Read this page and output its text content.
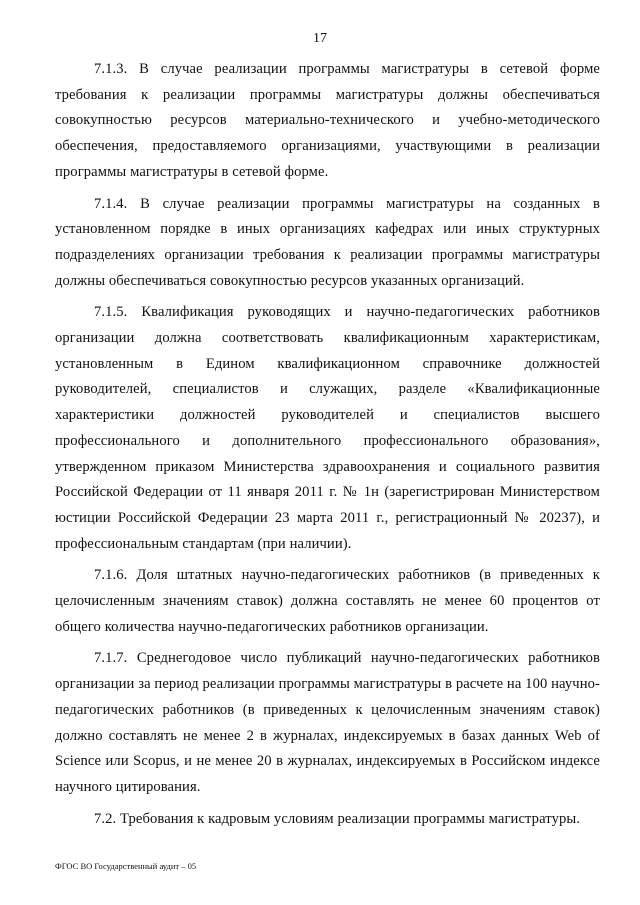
17

7.1.3. В случае реализации программы магистратуры в сетевой форме требования к реализации программы магистратуры должны обеспечиваться совокупностью ресурсов материально-технического и учебно-методического обеспечения, предоставляемого организациями, участвующими в реализации программы магистратуры в сетевой форме.

7.1.4. В случае реализации программы магистратуры на созданных в установленном порядке в иных организациях кафедрах или иных структурных подразделениях организации требования к реализации программы магистратуры должны обеспечиваться совокупностью ресурсов указанных организаций.

7.1.5. Квалификация руководящих и научно-педагогических работников организации должна соответствовать квалификационным характеристикам, установленным в Едином квалификационном справочнике должностей руководителей, специалистов и служащих, разделе «Квалификационные характеристики должностей руководителей и специалистов высшего профессионального и дополнительного профессионального образования», утвержденном приказом Министерства здравоохранения и социального развития Российской Федерации от 11 января 2011 г. № 1н (зарегистрирован Министерством юстиции Российской Федерации 23 марта 2011 г., регистрационный № 20237), и профессиональным стандартам (при наличии).

7.1.6. Доля штатных научно-педагогических работников (в приведенных к целочисленным значениям ставок) должна составлять не менее 60 процентов от общего количества научно-педагогических работников организации.

7.1.7. Среднегодовое число публикаций научно-педагогических работников организации за период реализации программы магистратуры в расчете на 100 научно-педагогических работников (в приведенных к целочисленным значениям ставок) должно составлять не менее 2 в журналах, индексируемых в базах данных Web of Science или Scopus, и не менее 20 в журналах, индексируемых в Российском индексе научного цитирования.

7.2. Требования к кадровым условиям реализации программы магистратуры.

ФГОС ВО Государственный аудит – 05
